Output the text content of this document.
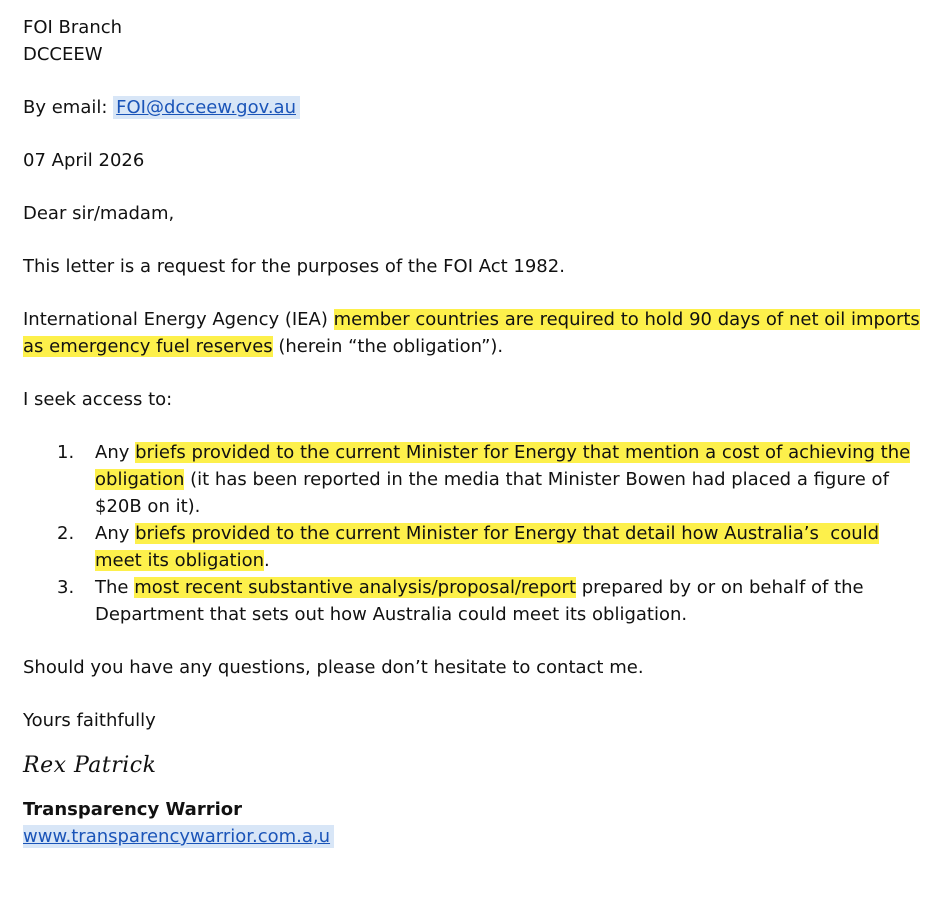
FOI Branch
DCCEEW
By email: FOI@dcceew.gov.au
07 April 2026
Dear sir/madam,
This letter is a request for the purposes of the FOI Act 1982.
International Energy Agency (IEA) member countries are required to hold 90 days of net oil imports
as emergency fuel reserves (herein “the obligation”).
I seek access to:
1. Any briefs provided to the current Minister for Energy that mention a cost of achieving the
obligation (it has been reported in the media that Minister Bowen had placed a figure of
$20B on it).
2. Any briefs provided to the current Minister for Energy that detail how Australia’s  could
meet its obligation.
3. The most recent substantive analysis/proposal/report prepared by or on behalf of the
Department that sets out how Australia could meet its obligation.
Should you have any questions, please don’t hesitate to contact me.
Yours faithfully
Rex Patrick
Transparency Warrior
www.transparencywarrior.com.a,u
